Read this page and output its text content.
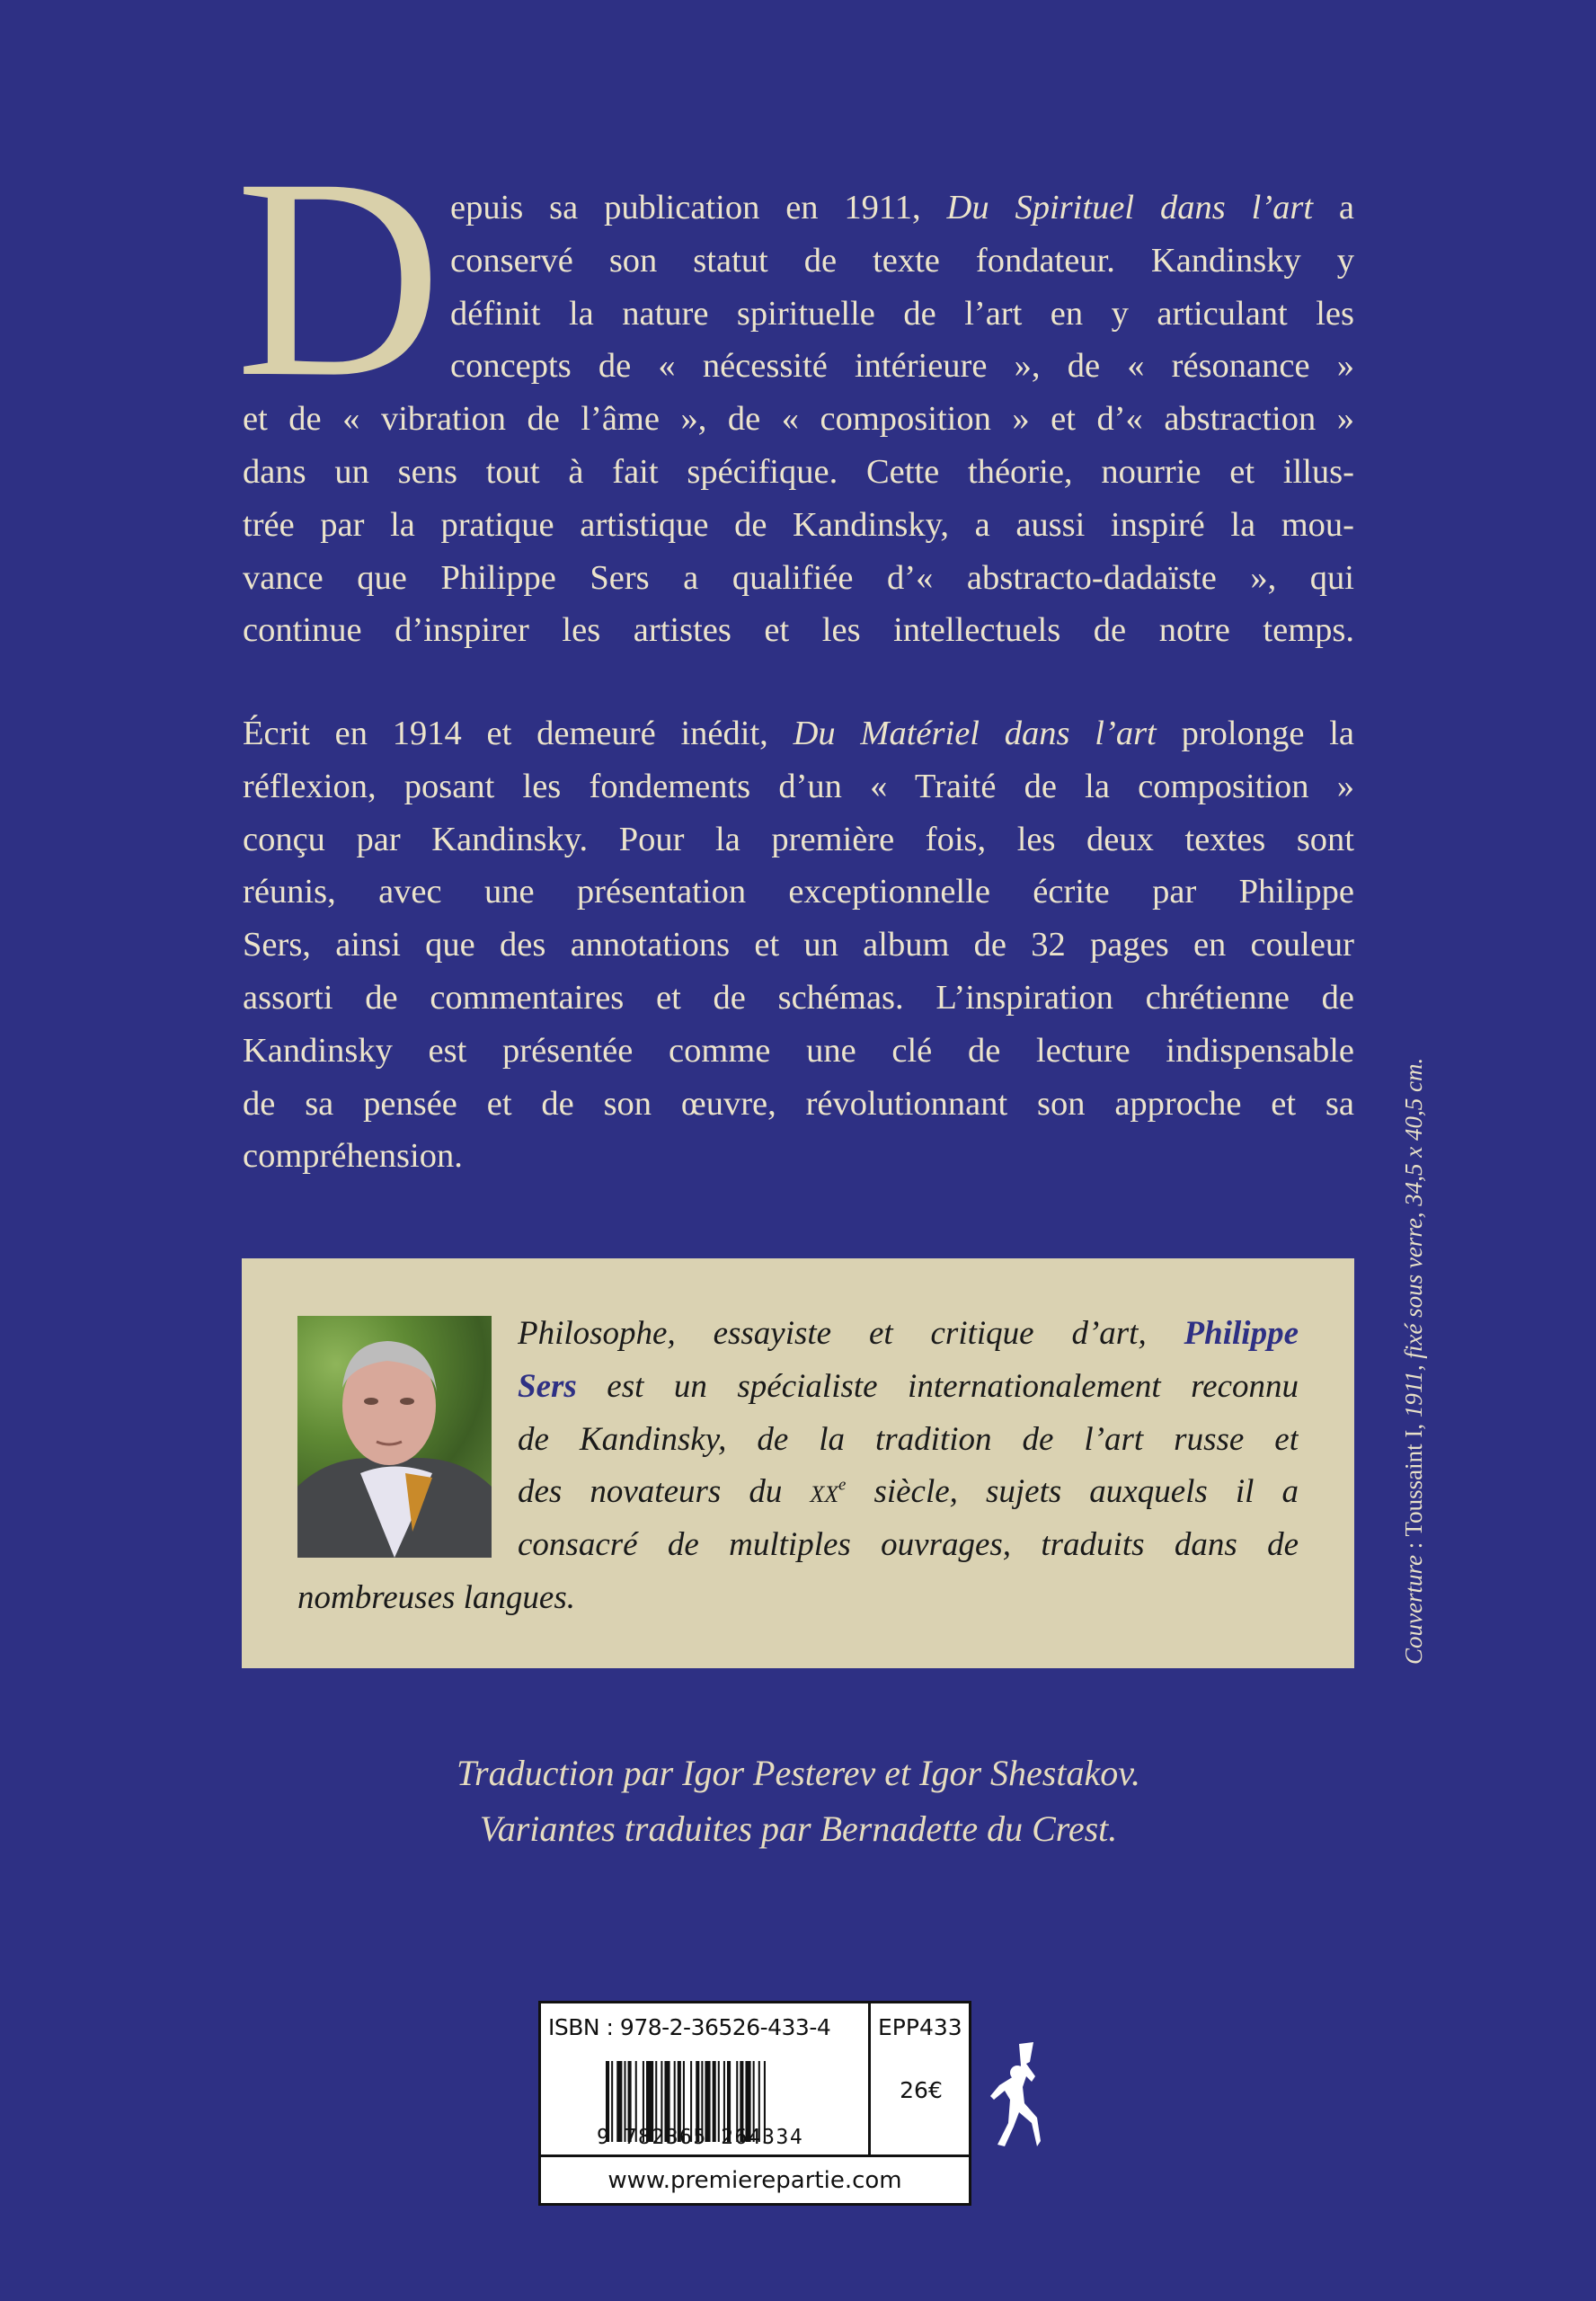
D epuis sa publication en 1911, Du Spirituel dans l’art a
conservé son statut de texte fondateur. Kandinsky y
définit la nature spirituelle de l’art en y articulant les
concepts de « nécessité intérieure », de « résonance »
et de « vibration de l’âme », de « composition » et d’« abstraction »
dans un sens tout à fait spécifique. Cette théorie, nourrie et illus-
trée par la pratique artistique de Kandinsky, a aussi inspiré la mou-
vance que Philippe Sers a qualifiée d’« abstracto-dadaïste », qui
continue d’inspirer les artistes et les intellectuels de notre temps.
Écrit en 1914 et demeuré inédit, Du Matériel dans l’art prolonge la
réflexion, posant les fondements d’un « Traité de la composition »
conçu par Kandinsky. Pour la première fois, les deux textes sont
réunis, avec une présentation exceptionnelle écrite par Philippe
Sers, ainsi que des annotations et un album de 32 pages en couleur
assorti de commentaires et de schémas. L’inspiration chrétienne de
Kandinsky est présentée comme une clé de lecture indispensable
de sa pensée et de son œuvre, révolutionnant son approche et sa
compréhension.
Philosophe, essayiste et critique d’art, Philippe
Sers est un spécialiste internationalement reconnu
de Kandinsky, de la tradition de l’art russe et
des novateurs du $xx^e$ siècle, sujets auxquels il a
consacré de multiples ouvrages, traduits dans de
nombreuses langues.
Traduction par Igor Pesterev et Igor Shestakov.
Variantes traduites par Bernadette du Crest.
Couverture : Toussaint I, 1911, fixé sous verre, 34,5 x 40,5 cm.
ISBN : 978-2-36526-433-4
9 782365 264334
EPP433
26€
www.premierepartie.com
